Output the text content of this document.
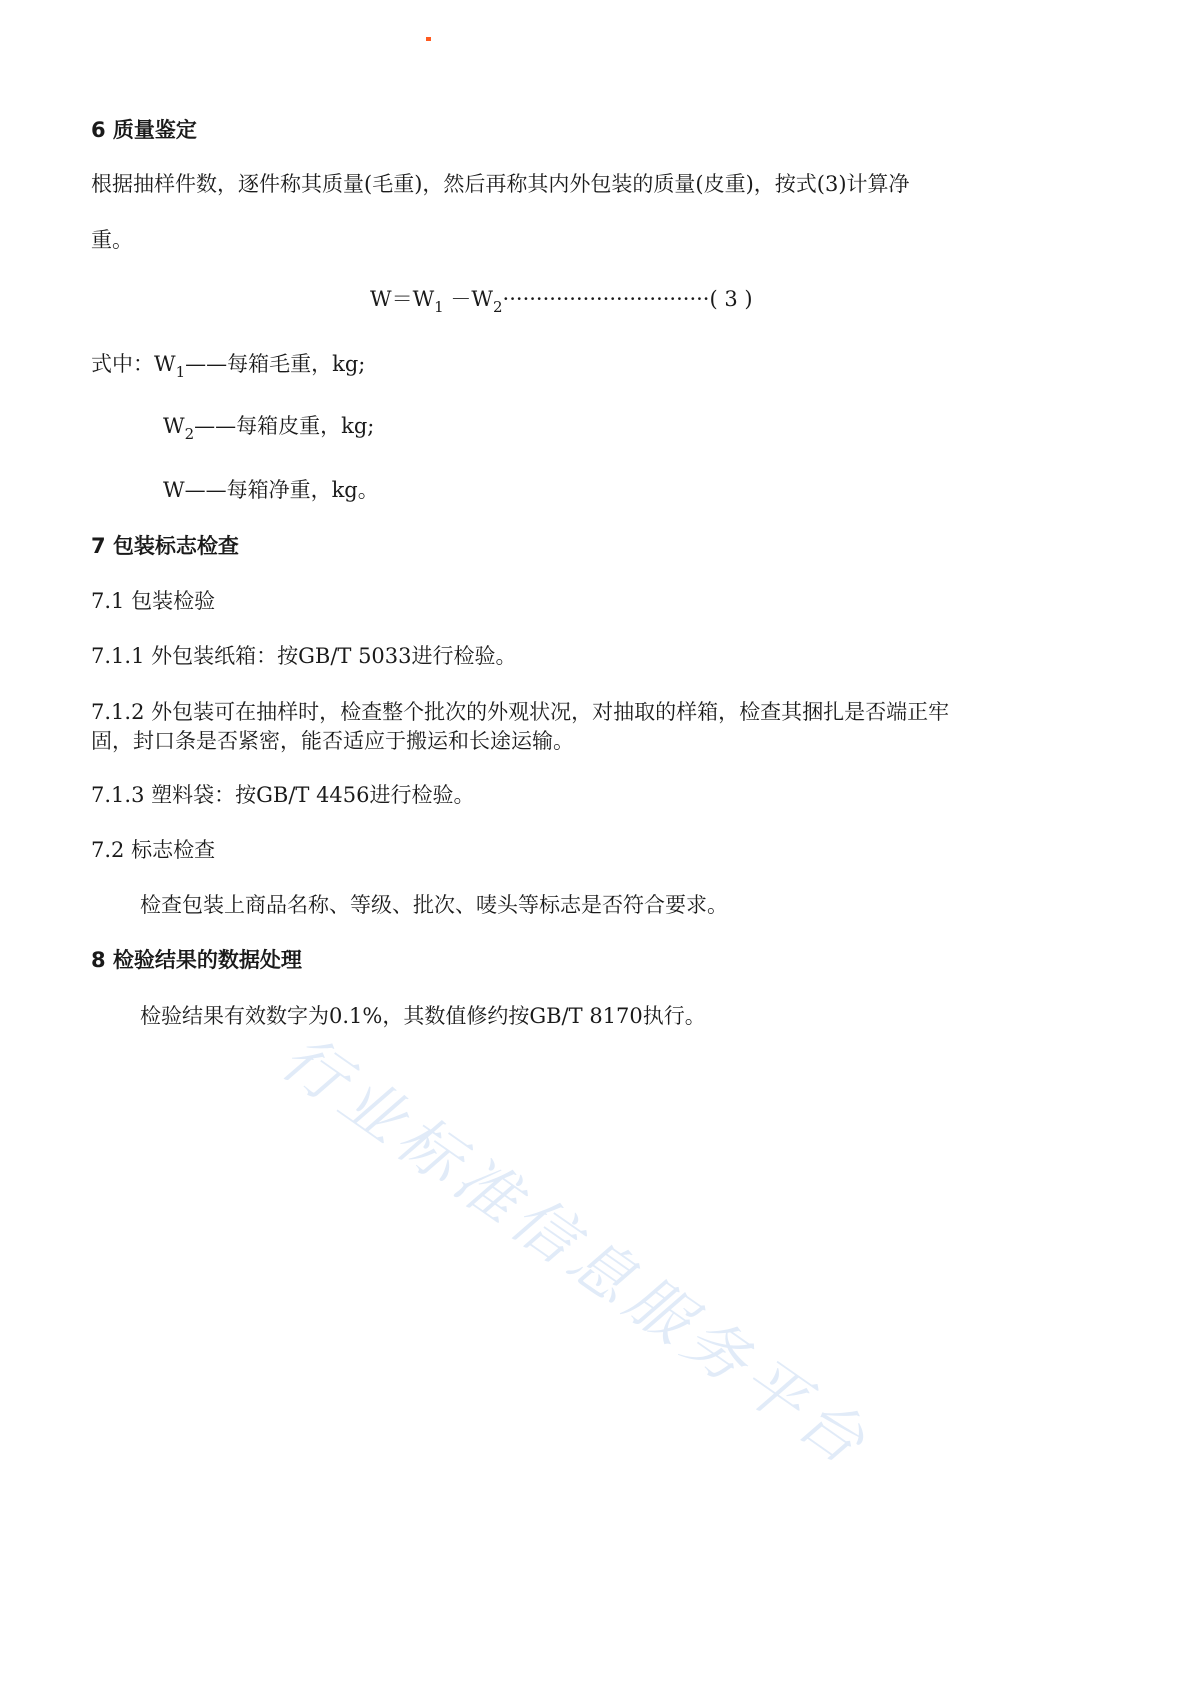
6 质量鉴定
根据抽样件数，逐件称其质量(毛重)，然后再称其内外包装的质量(皮重)，按式(3)计算净
重。
$W=W_1 -W_2\cdot\cdot\cdot\cdot\cdot\cdot\cdot\cdot\cdot\cdot\cdot\cdot\cdot\cdot\cdot\cdot\cdot\cdot\cdot\cdot\cdot\cdot\cdot\cdot\cdot\cdot\cdot\cdot\cdot\cdot\cdot$( 3 )
式中：$W_1——$每箱毛重，kg;
$W_2——$每箱皮重，kg;
W——每箱净重，kg。
7 包装标志检查
7.1 包装检验
7.1.1 外包装纸箱：按GB/T 5033进行检验。
7.1.2 外包装可在抽样时，检查整个批次的外观状况，对抽取的样箱，检查其捆扎是否端正牢
固，封口条是否紧密，能否适应于搬运和长途运输。
7.1.3 塑料袋：按GB/T 4456进行检验。
7.2 标志检查
检查包装上商品名称、等级、批次、唛头等标志是否符合要求。
8 检验结果的数据处理
检验结果有效数字为0.1%，其数值修约按GB/T 8170执行。
行业标准信息服务平台
